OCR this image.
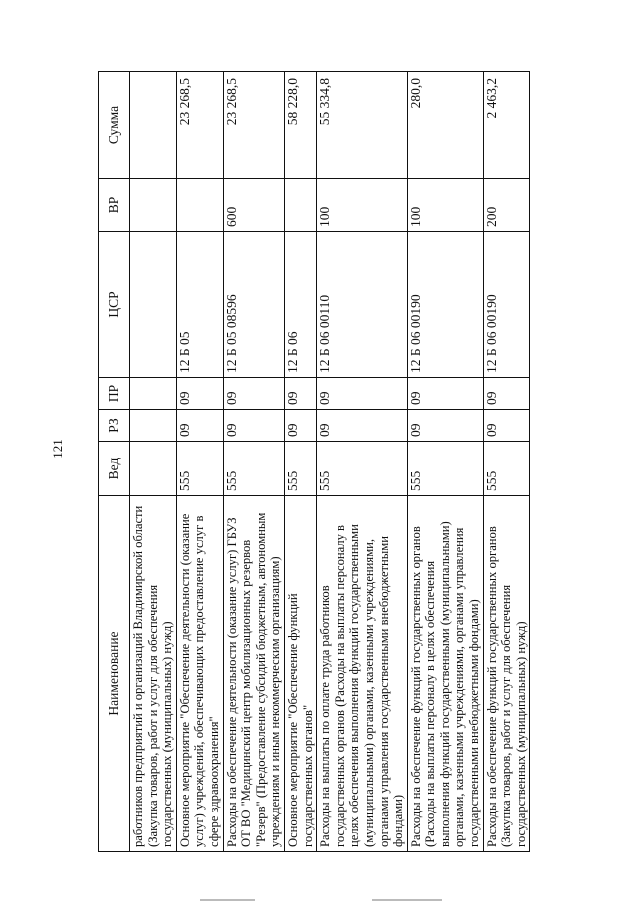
121
Наименование	Вед	РЗ	ПР	ЦСР	ВР	Сумма
работников предприятий и организаций Владимирской области (Закупка товаров, работ и услуг для обеспечения государственных (муниципальных) нужд)						
Основное мероприятие "Обеспечение деятельности (оказание услуг) учреждений, обеспечивающих предоставление услуг в сфере здравоохранения"	555	09	09	12 Б 05		23 268,5
Расходы на обеспечение деятельности (оказание услуг) ГБУЗ ОТ ВО "Медицинский центр мобилизационных резервов "Резерв" (Предоставление субсидий бюджетным, автономным учреждениям и иным некоммерческим организациям)	555	09	09	12 Б 05 08596	600	23 268,5
Основное мероприятие "Обеспечение функций государственных органов"	555	09	09	12 Б 06		58 228,0
Расходы на выплаты по оплате труда работников государственных органов (Расходы на выплаты персоналу в целях обеспечения выполнения функций государственными (муниципальными) органами, казенными учреждениями, органами управления государственными внебюджетными фондами)	555	09	09	12 Б 06 00110	100	55 334,8
Расходы на обеспечение функций государственных органов (Расходы на выплаты персоналу в целях обеспечения выполнения функций государственными (муниципальными) органами, казенными учреждениями, органами управления государственными внебюджетными фондами)	555	09	09	12 Б 06 00190	100	280,0
Расходы на обеспечение функций государственных органов (Закупка товаров, работ и услуг для обеспечения государственных (муниципальных) нужд)	555	09	09	12 Б 06 00190	200	2 463,2
